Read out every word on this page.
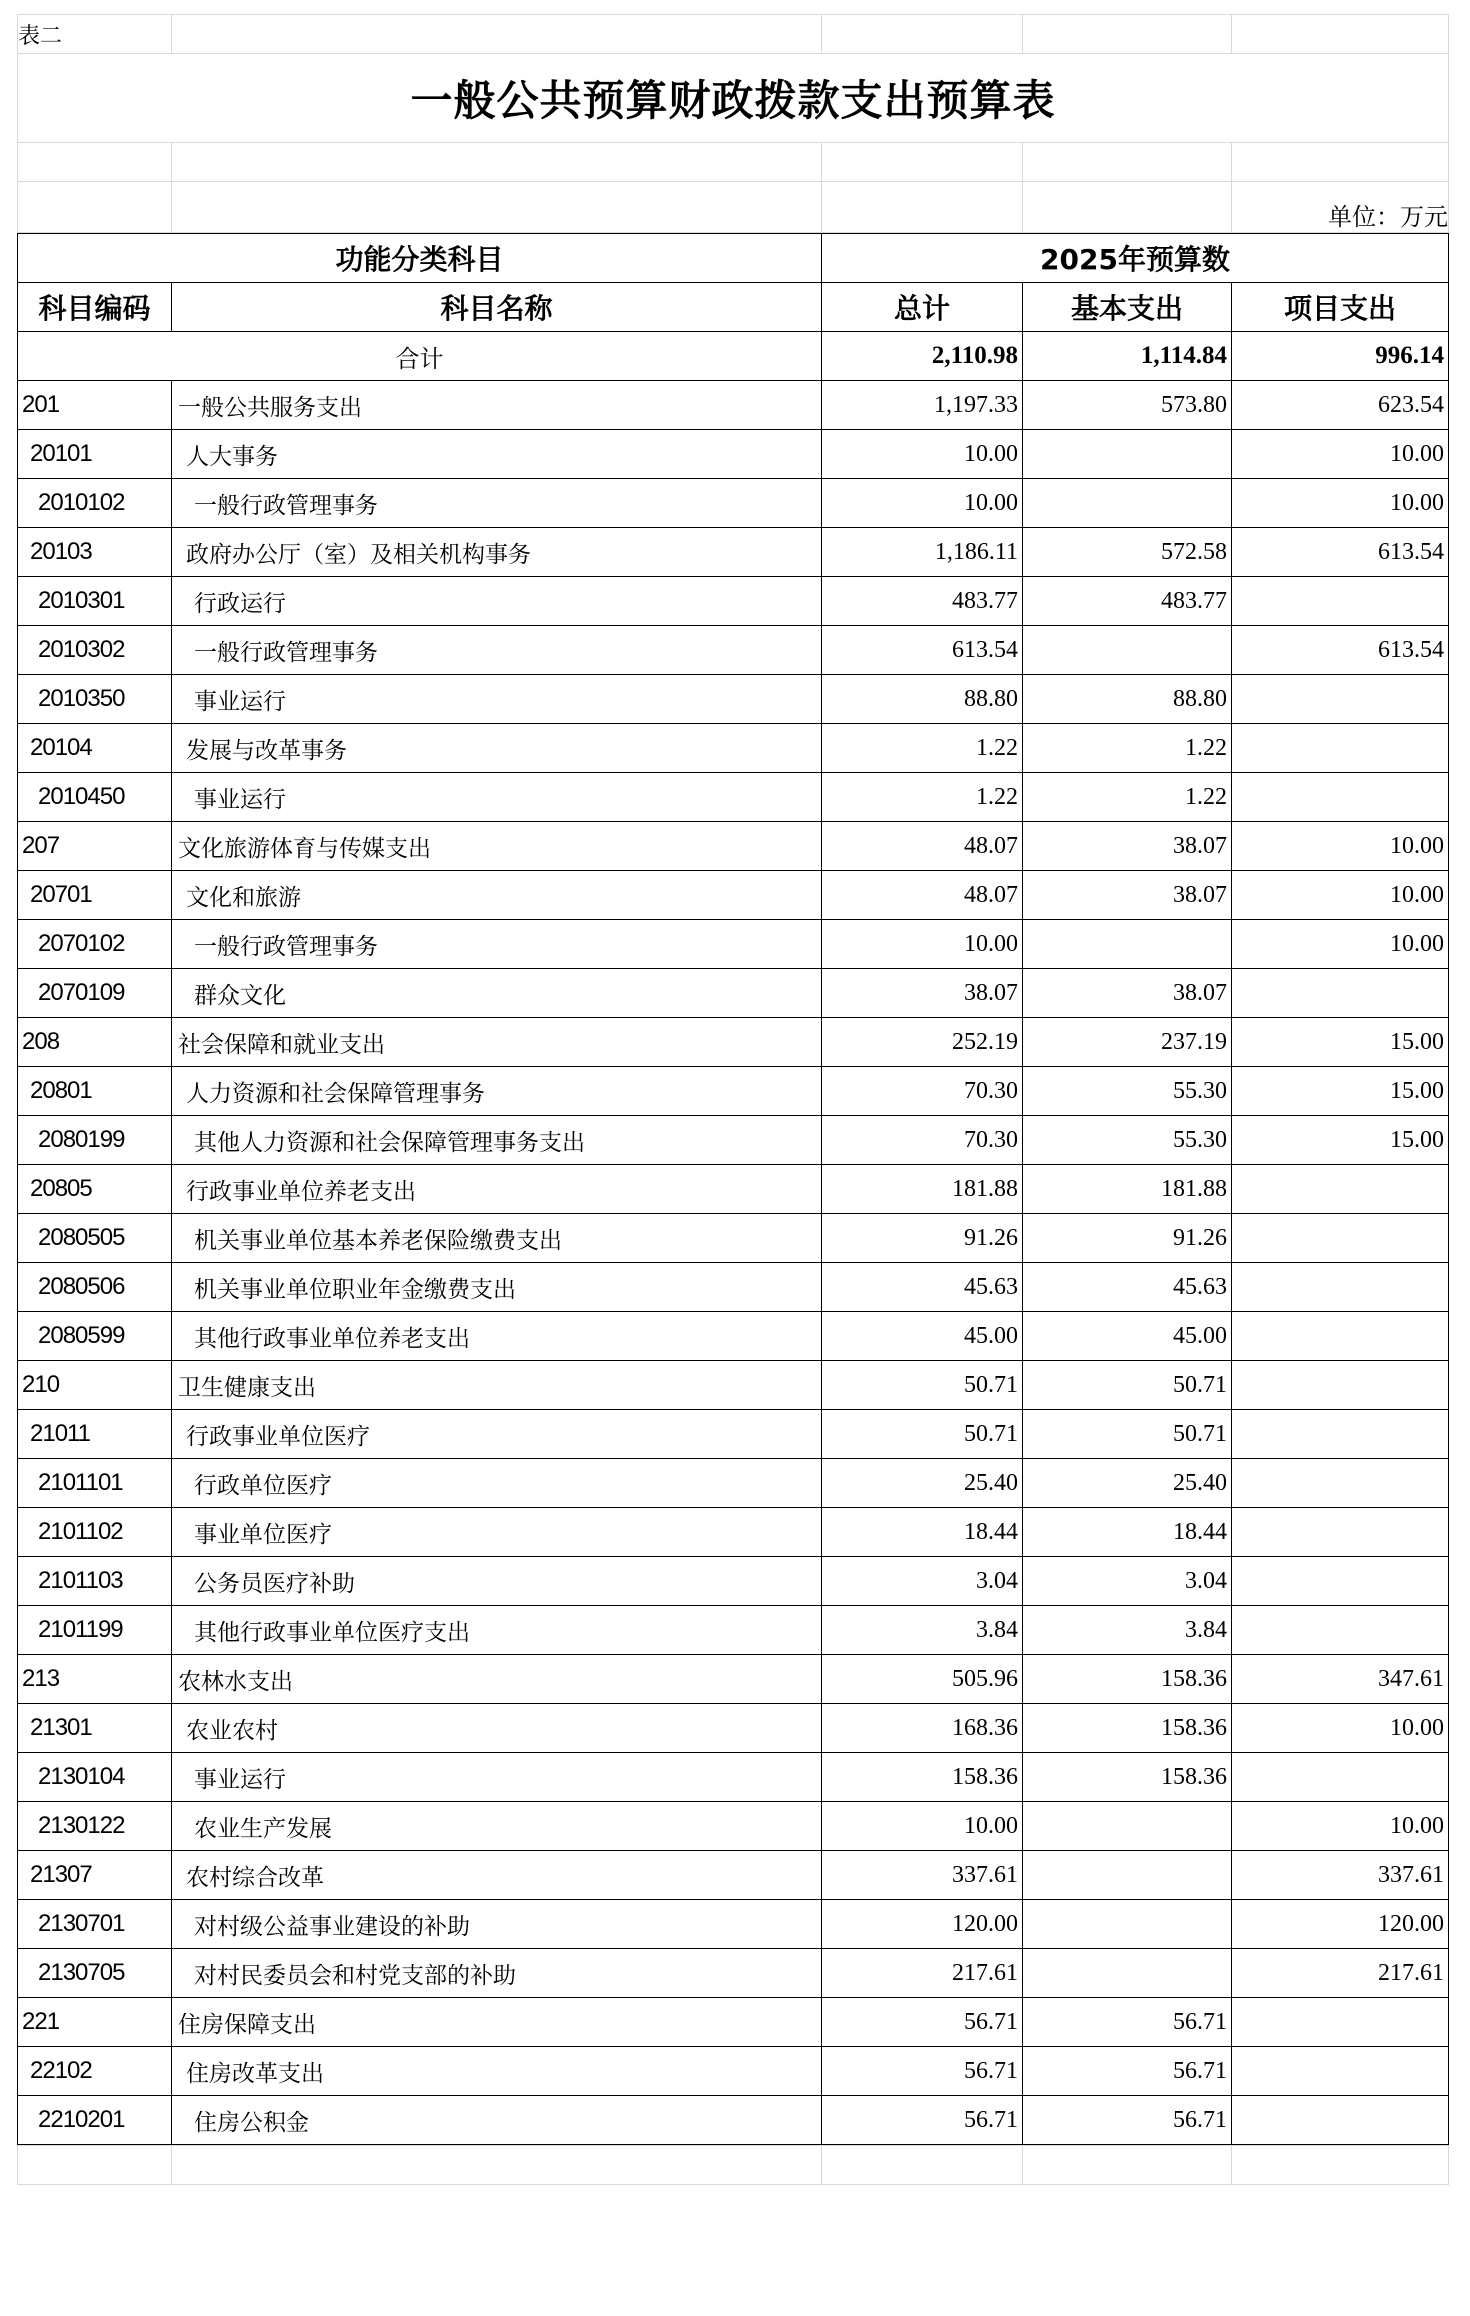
表二				
一般公共预算财政拨款支出预算表				

				单位：万元
功能分类科目		2025年预算数		
科目编码	科目名称	总计	基本支出	项目支出
合计		2,110.98	1,114.84	996.14
201	一般公共服务支出	1,197.33	573.80	623.54
20101	人大事务	10.00		10.00
2010102	一般行政管理事务	10.00		10.00
20103	政府办公厅（室）及相关机构事务	1,186.11	572.58	613.54
2010301	行政运行	483.77	483.77	
2010302	一般行政管理事务	613.54		613.54
2010350	事业运行	88.80	88.80	
20104	发展与改革事务	1.22	1.22	
2010450	事业运行	1.22	1.22	
207	文化旅游体育与传媒支出	48.07	38.07	10.00
20701	文化和旅游	48.07	38.07	10.00
2070102	一般行政管理事务	10.00		10.00
2070109	群众文化	38.07	38.07	
208	社会保障和就业支出	252.19	237.19	15.00
20801	人力资源和社会保障管理事务	70.30	55.30	15.00
2080199	其他人力资源和社会保障管理事务支出	70.30	55.30	15.00
20805	行政事业单位养老支出	181.88	181.88	
2080505	机关事业单位基本养老保险缴费支出	91.26	91.26	
2080506	机关事业单位职业年金缴费支出	45.63	45.63	
2080599	其他行政事业单位养老支出	45.00	45.00	
210	卫生健康支出	50.71	50.71	
21011	行政事业单位医疗	50.71	50.71	
2101101	行政单位医疗	25.40	25.40	
2101102	事业单位医疗	18.44	18.44	
2101103	公务员医疗补助	3.04	3.04	
2101199	其他行政事业单位医疗支出	3.84	3.84	
213	农林水支出	505.96	158.36	347.61
21301	农业农村	168.36	158.36	10.00
2130104	事业运行	158.36	158.36	
2130122	农业生产发展	10.00		10.00
21307	农村综合改革	337.61		337.61
2130701	对村级公益事业建设的补助	120.00		120.00
2130705	对村民委员会和村党支部的补助	217.61		217.61
221	住房保障支出	56.71	56.71	
22102	住房改革支出	56.71	56.71	
2210201	住房公积金	56.71	56.71	
